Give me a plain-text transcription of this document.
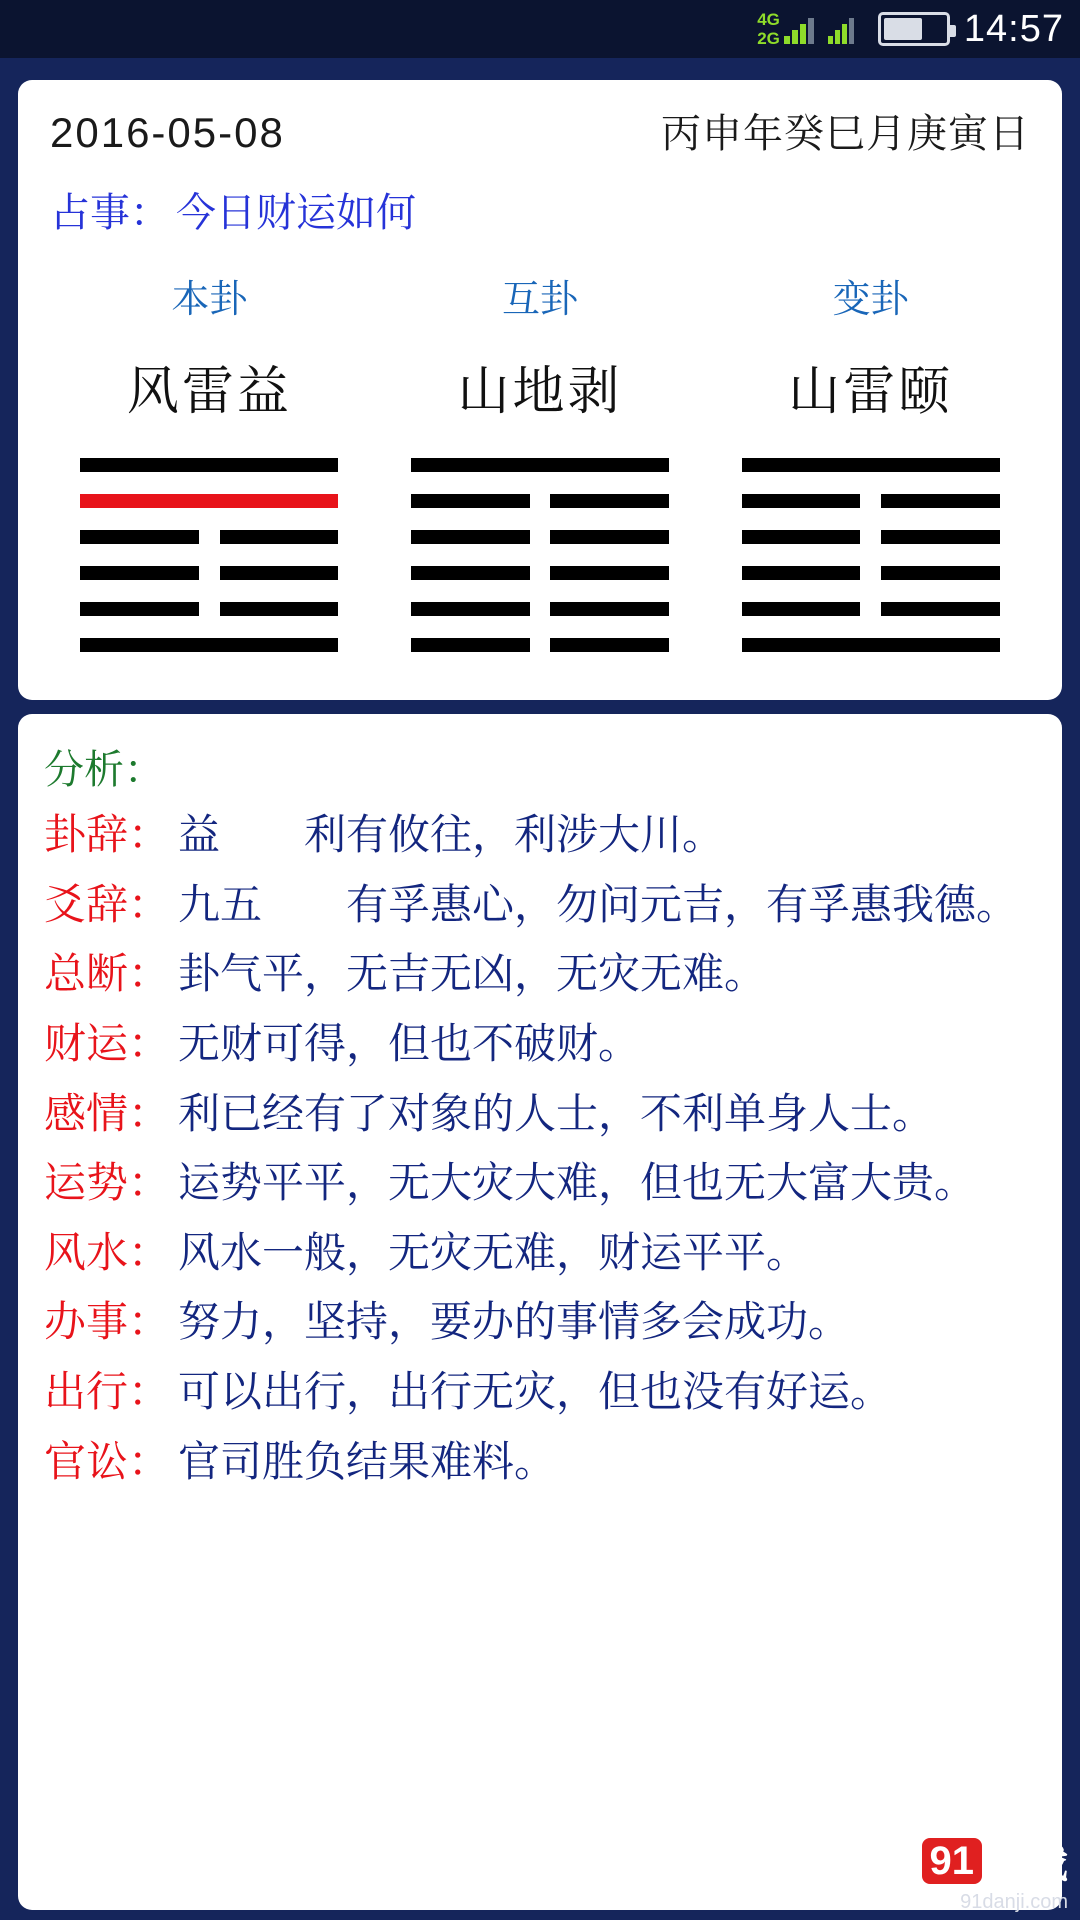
4G
2G	14:57
2016-05-08	丙申年癸巳月庚寅日
占事： 今日财运如何
本卦	互卦	变卦
风雷益	山地剥	山雷颐
分析：
卦辞： 益　　利有攸往，利涉大川。
爻辞： 九五　　有孚惠心，勿问元吉，有孚惠我德。
总断： 卦气平，无吉无凶，无灾无难。
财运： 无财可得，但也不破财。
感情： 利已经有了对象的人士，不利单身人士。
运势： 运势平平，无大灾大难，但也无大富大贵。
风水： 风水一般，无灾无难，财运平平。
办事： 努力，坚持，要办的事情多会成功。
出行： 可以出行，出行无灾，但也没有好运。
官讼： 官司胜负结果难料。
91 游戏
91danji.com
